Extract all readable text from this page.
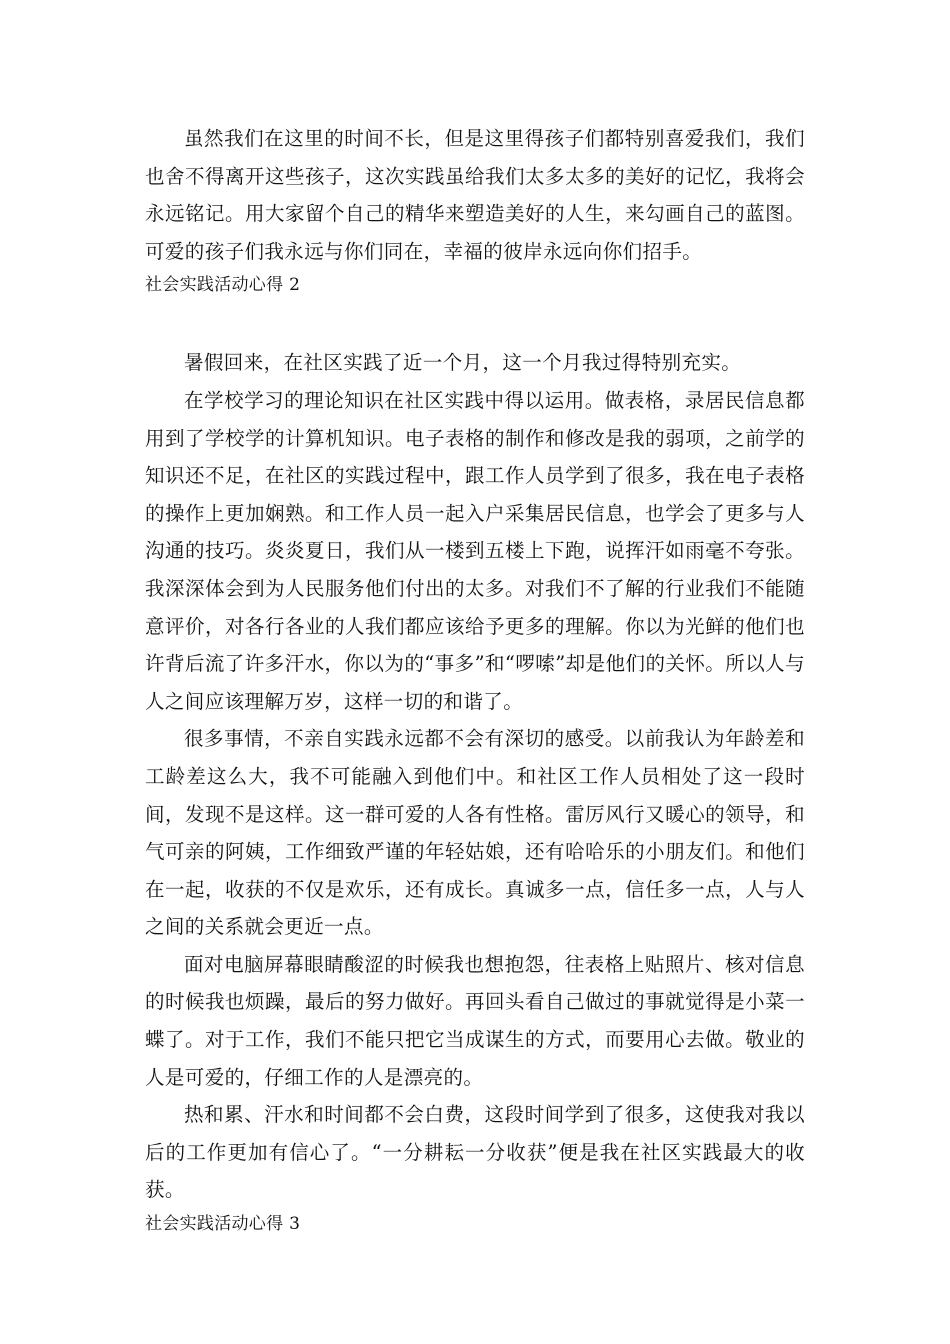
虽然我们在这里的时间不长，但是这里得孩子们都特别喜爱我们，我们也舍不得离开这些孩子，这次实践虽给我们太多太多的美好的记忆，我将会永远铭记。用大家留个自己的精华来塑造美好的人生，来勾画自己的蓝图。可爱的孩子们我永远与你们同在，幸福的彼岸永远向你们招手。

社会实践活动心得 2

暑假回来，在社区实践了近一个月，这一个月我过得特别充实。

在学校学习的理论知识在社区实践中得以运用。做表格，录居民信息都用到了学校学的计算机知识。电子表格的制作和修改是我的弱项，之前学的知识还不足，在社区的实践过程中，跟工作人员学到了很多，我在电子表格的操作上更加娴熟。和工作人员一起入户采集居民信息，也学会了更多与人沟通的技巧。炎炎夏日，我们从一楼到五楼上下跑，说挥汗如雨毫不夸张。我深深体会到为人民服务他们付出的太多。对我们不了解的行业我们不能随意评价，对各行各业的人我们都应该给予更多的理解。你以为光鲜的他们也许背后流了许多汗水，你以为的“事多”和“啰嗦”却是他们的关怀。所以人与人之间应该理解万岁，这样一切的和谐了。

很多事情，不亲自实践永远都不会有深切的感受。以前我认为年龄差和工龄差这么大，我不可能融入到他们中。和社区工作人员相处了这一段时间，发现不是这样。这一群可爱的人各有性格。雷厉风行又暖心的领导，和气可亲的阿姨，工作细致严谨的年轻姑娘，还有哈哈乐的小朋友们。和他们在一起，收获的不仅是欢乐，还有成长。真诚多一点，信任多一点，人与人之间的关系就会更近一点。

面对电脑屏幕眼睛酸涩的时候我也想抱怨，往表格上贴照片、核对信息的时候我也烦躁，最后的努力做好。再回头看自己做过的事就觉得是小菜一蝶了。对于工作，我们不能只把它当成谋生的方式，而要用心去做。敬业的人是可爱的，仔细工作的人是漂亮的。

热和累、汗水和时间都不会白费，这段时间学到了很多，这使我对我以后的工作更加有信心了。“一分耕耘一分收获”便是我在社区实践最大的收获。

社会实践活动心得 3
